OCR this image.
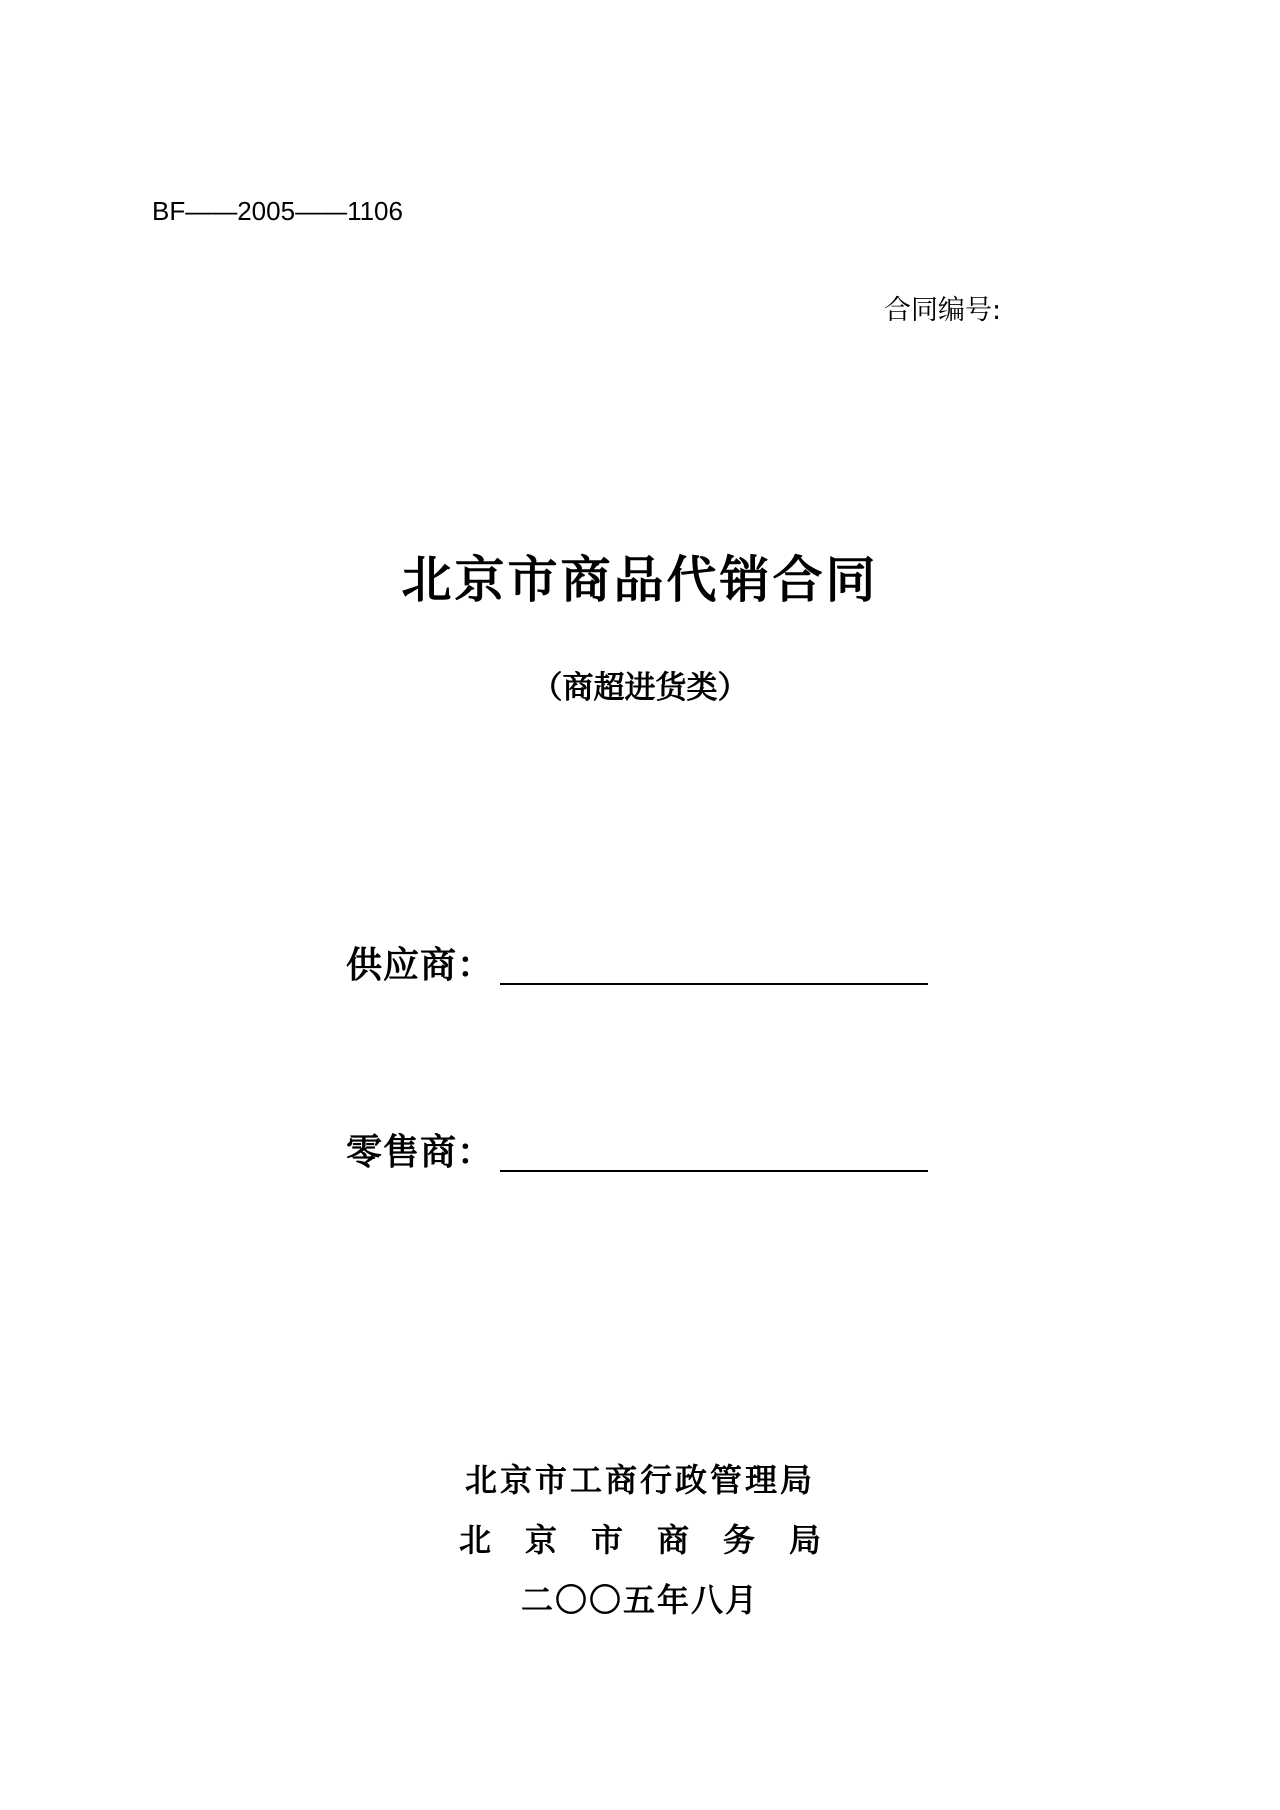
BF——2005——1106
合同编号:
北京市商品代销合同
（商超进货类）
供应商：
零售商：
北京市工商行政管理局
北京市商务局
二〇〇五年八月
